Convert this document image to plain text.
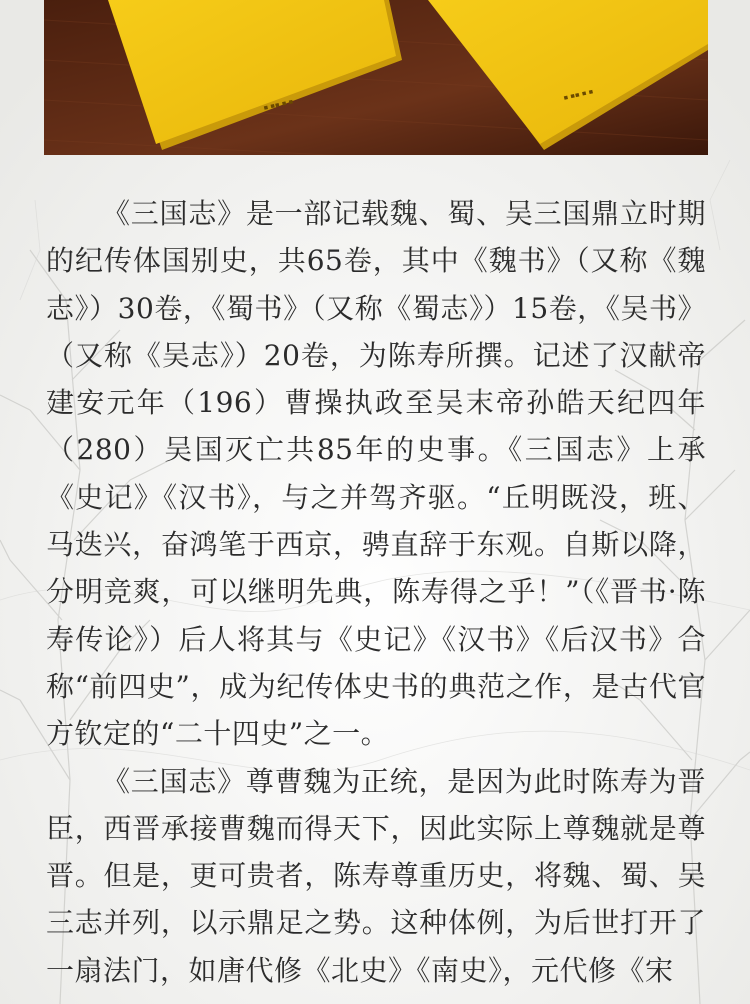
▪ ▪▪ ▪ ▪
▪ ▪▪ ▪ ▪

《三国志》是一部记载魏、蜀、吴三国鼎立时期的纪传体国别史，共65卷，其中《魏书》（又称《魏志》）30卷，《蜀书》（又称《蜀志》）15卷，《吴书》（又称《吴志》）20卷，为陈寿所撰。记述了汉献帝建安元年（196）曹操执政至吴末帝孙皓天纪四年（280）吴国灭亡共85年的史事。《三国志》上承《史记》《汉书》，与之并驾齐驱。“丘明既没，班、马迭兴，奋鸿笔于西京，骋直辞于东观。自斯以降，分明竞爽，可以继明先典，陈寿得之乎！”（《晋书·陈寿传论》）后人将其与《史记》《汉书》《后汉书》合称“前四史”，成为纪传体史书的典范之作，是古代官方钦定的“二十四史”之一。

《三国志》尊曹魏为正统，是因为此时陈寿为晋臣，西晋承接曹魏而得天下，因此实际上尊魏就是尊晋。但是，更可贵者，陈寿尊重历史，将魏、蜀、吴三志并列，以示鼎足之势。这种体例，为后世打开了一扇法门，如唐代修《北史》《南史》，元代修《宋
